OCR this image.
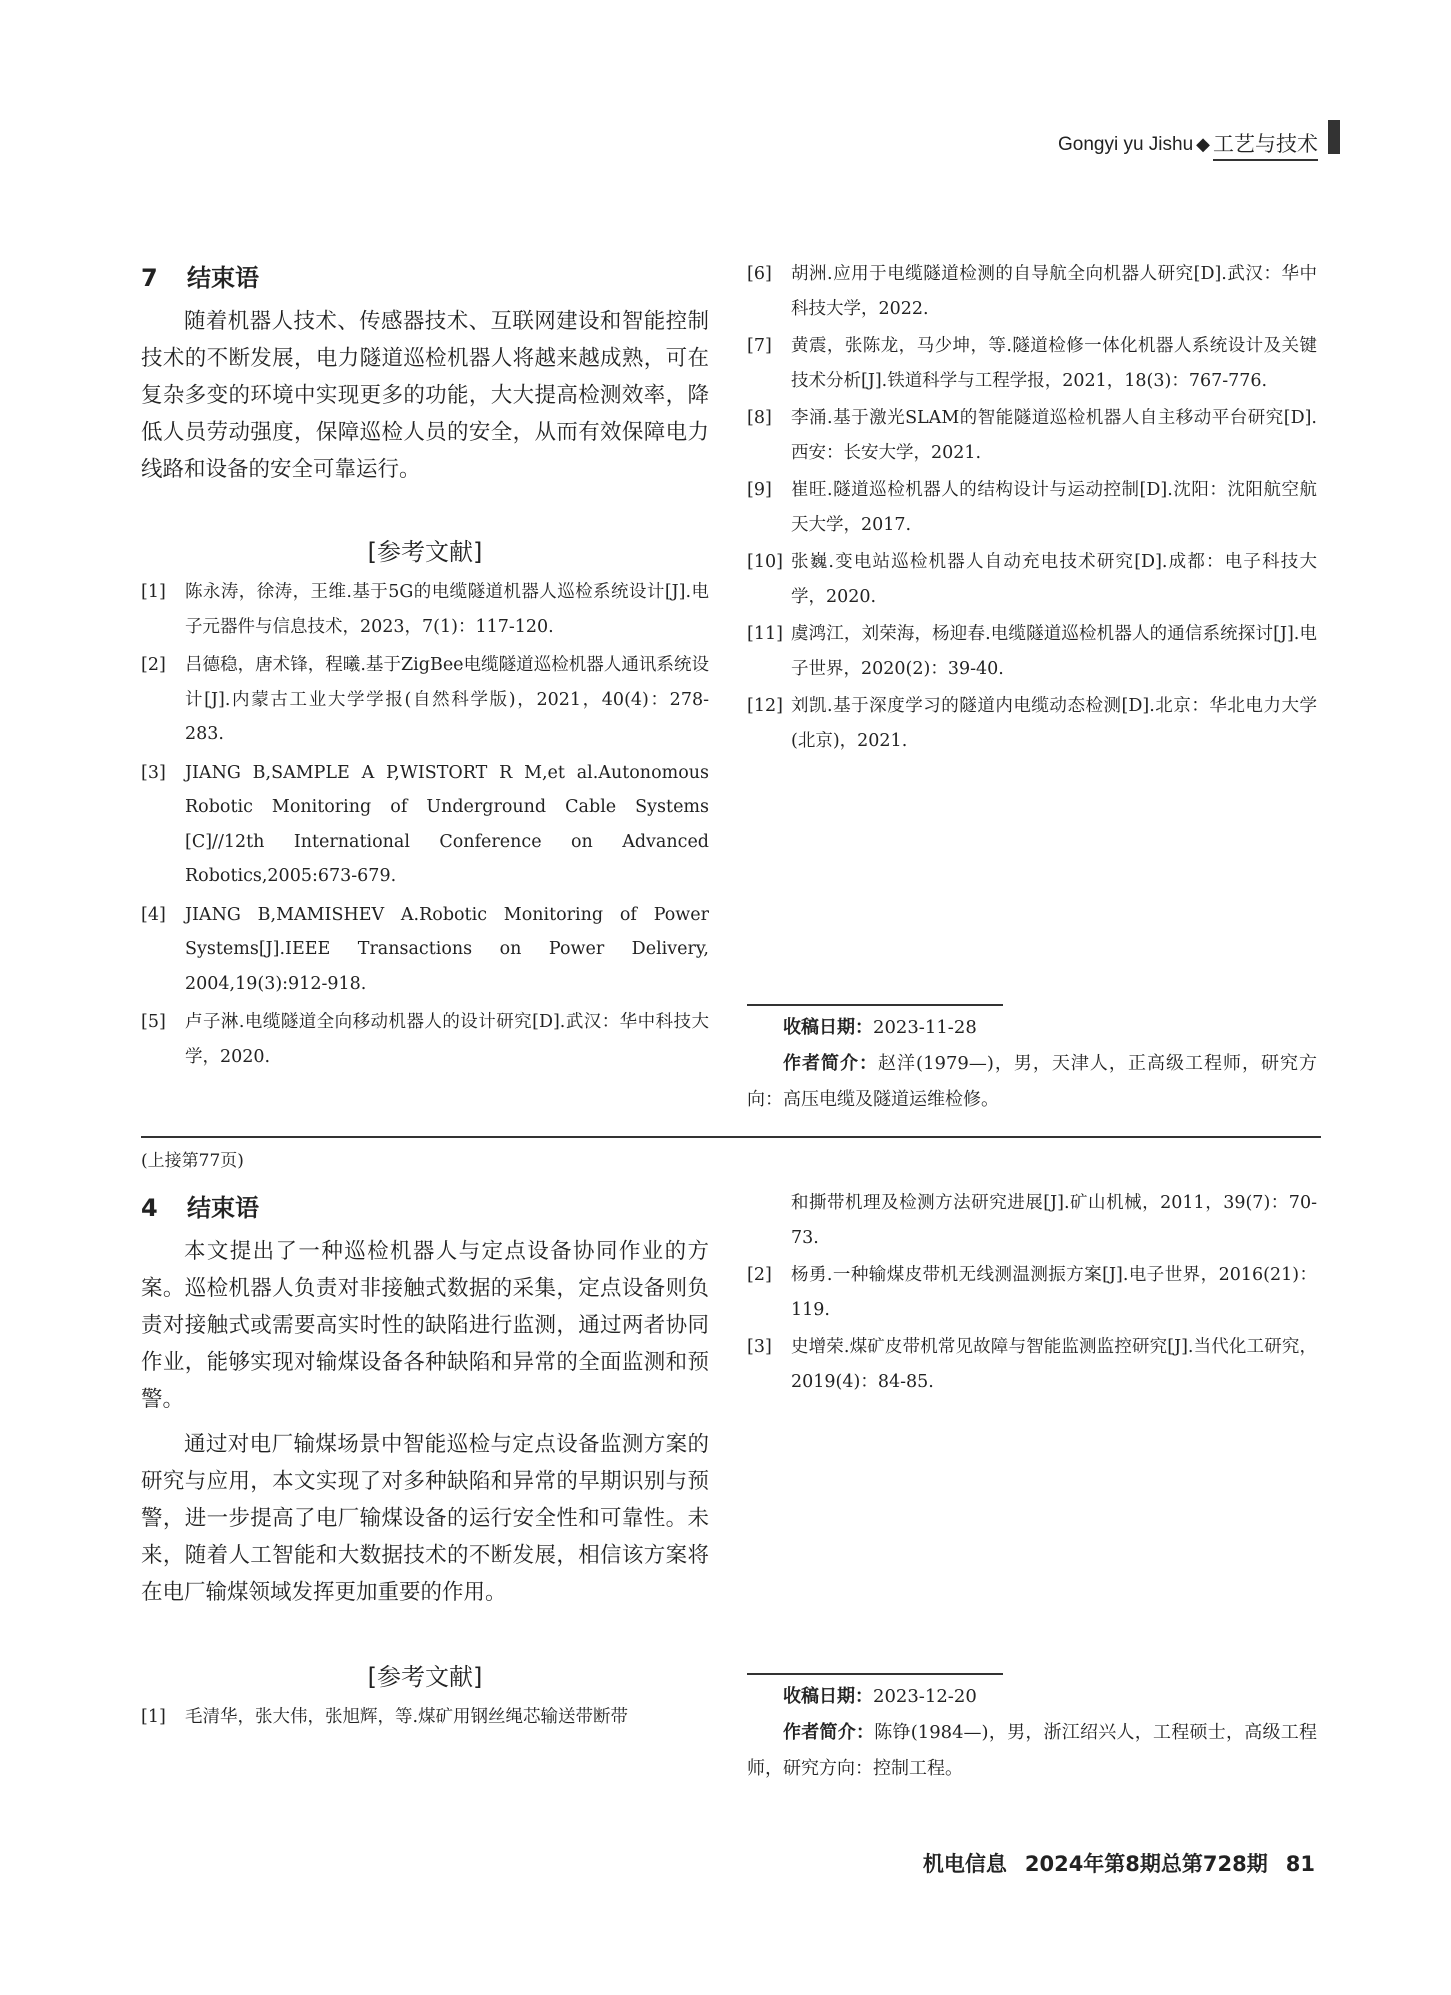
Gongyi yu Jishu ◆ 工艺与技术
7 结束语

随着机器人技术、传感器技术、互联网建设和智能控制技术的不断发展，电力隧道巡检机器人将越来越成熟，可在复杂多变的环境中实现更多的功能，大大提高检测效率，降低人员劳动强度，保障巡检人员的安全，从而有效保障电力线路和设备的安全可靠运行。

[参考文献]
[1]	陈永涛，徐涛，王维.基于5G的电缆隧道机器人巡检系统设计[J].电子元器件与信息技术，2023，7(1)：117-120.
[2]	吕德稳，唐术锋，程曦.基于ZigBee电缆隧道巡检机器人通讯系统设计[J].内蒙古工业大学学报(自然科学版)，2021，40(4)：278-283.
[3]	JIANG B,SAMPLE A P,WISTORT R M,et al.Autonomous Robotic Monitoring of Underground Cable Systems [C]//12th International Conference on Advanced Robotics,2005:673-679.
[4]	JIANG B,MAMISHEV A.Robotic Monitoring of Power Systems[J].IEEE Transactions on Power Delivery, 2004,19(3):912-918.
[5]	卢子淋.电缆隧道全向移动机器人的设计研究[D].武汉：华中科技大学，2020.
[6]	胡洲.应用于电缆隧道检测的自导航全向机器人研究[D].武汉：华中科技大学，2022.
[7]	黄震，张陈龙，马少坤，等.隧道检修一体化机器人系统设计及关键技术分析[J].铁道科学与工程学报，2021，18(3)：767-776.
[8]	李涌.基于激光SLAM的智能隧道巡检机器人自主移动平台研究[D].西安：长安大学，2021.
[9]	崔旺.隧道巡检机器人的结构设计与运动控制[D].沈阳：沈阳航空航天大学，2017.
[10] 张巍.变电站巡检机器人自动充电技术研究[D].成都：电子科技大学，2020.
[11] 虞鸿江，刘荣海，杨迎春.电缆隧道巡检机器人的通信系统探讨[J].电子世界，2020(2)：39-40.
[12] 刘凯.基于深度学习的隧道内电缆动态检测[D].北京：华北电力大学(北京)，2021.
收稿日期：2023-11-28
作者简介：赵洋(1979—)，男，天津人，正高级工程师，研究方向：高压电缆及隧道运维检修。
(上接第77页)
4 结束语

本文提出了一种巡检机器人与定点设备协同作业的方案。巡检机器人负责对非接触式数据的采集，定点设备则负责对接触式或需要高实时性的缺陷进行监测，通过两者协同作业，能够实现对输煤设备各种缺陷和异常的全面监测和预警。

通过对电厂输煤场景中智能巡检与定点设备监测方案的研究与应用，本文实现了对多种缺陷和异常的早期识别与预警，进一步提高了电厂输煤设备的运行安全性和可靠性。未来，随着人工智能和大数据技术的不断发展，相信该方案将在电厂输煤领域发挥更加重要的作用。

[参考文献]
[1]	毛清华，张大伟，张旭辉，等.煤矿用钢丝绳芯输送带断带
和撕带机理及检测方法研究进展[J].矿山机械，2011，39(7)：70-73.
[2]	杨勇.一种输煤皮带机无线测温测振方案[J].电子世界，2016(21)：119.
[3]	史增荣.煤矿皮带机常见故障与智能监测监控研究[J].当代化工研究，2019(4)：84-85.
收稿日期：2023-12-20
作者简介：陈铮(1984—)，男，浙江绍兴人，工程硕士，高级工程师，研究方向：控制工程。
机电信息 2024年第8期总第728期 81
